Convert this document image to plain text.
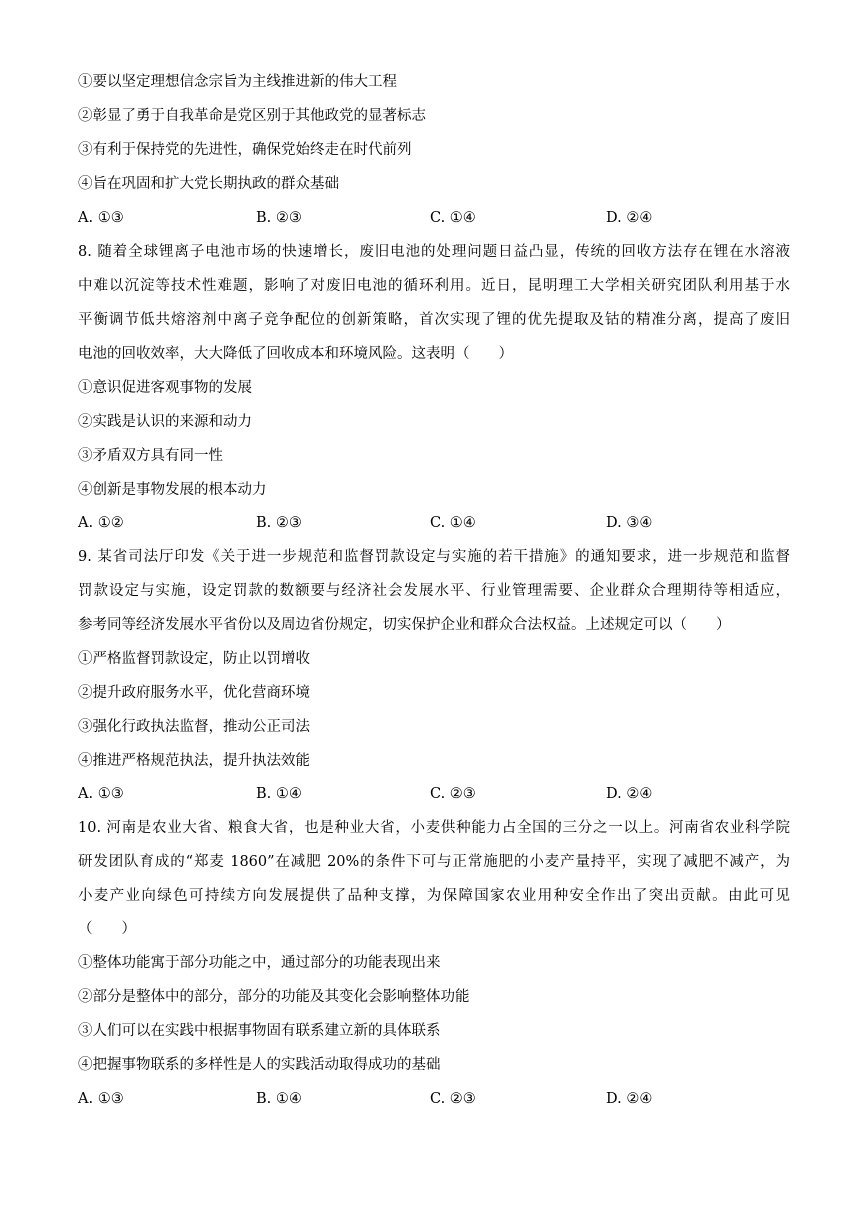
①要以坚定理想信念宗旨为主线推进新的伟大工程
②彰显了勇于自我革命是党区别于其他政党的显著标志
③有利于保持党的先进性，确保党始终走在时代前列
④旨在巩固和扩大党长期执政的群众基础
A. ①③	B. ②③	C. ①④	D. ②④
8. 随着全球锂离子电池市场的快速增长，废旧电池的处理问题日益凸显，传统的回收方法存在锂在水溶液
中难以沉淀等技术性难题，影响了对废旧电池的循环利用。近日，昆明理工大学相关研究团队利用基于水
平衡调节低共熔溶剂中离子竞争配位的创新策略，首次实现了锂的优先提取及钴的精准分离，提高了废旧
电池的回收效率，大大降低了回收成本和环境风险。这表明（　　）
①意识促进客观事物的发展
②实践是认识的来源和动力
③矛盾双方具有同一性
④创新是事物发展的根本动力
A. ①②	B. ②③	C. ①④	D. ③④
9. 某省司法厅印发《关于进一步规范和监督罚款设定与实施的若干措施》的通知要求，进一步规范和监督
罚款设定与实施，设定罚款的数额要与经济社会发展水平、行业管理需要、企业群众合理期待等相适应，
参考同等经济发展水平省份以及周边省份规定，切实保护企业和群众合法权益。上述规定可以（　　）
①严格监督罚款设定，防止以罚增收
②提升政府服务水平，优化营商环境
③强化行政执法监督，推动公正司法
④推进严格规范执法，提升执法效能
A. ①③	B. ①④	C. ②③	D. ②④
10. 河南是农业大省、粮食大省，也是种业大省，小麦供种能力占全国的三分之一以上。河南省农业科学院
研发团队育成的“郑麦 1860”在减肥 20%的条件下可与正常施肥的小麦产量持平，实现了减肥不减产，为
小麦产业向绿色可持续方向发展提供了品种支撑，为保障国家农业用种安全作出了突出贡献。由此可见
（　　）
①整体功能寓于部分功能之中，通过部分的功能表现出来
②部分是整体中的部分，部分的功能及其变化会影响整体功能
③人们可以在实践中根据事物固有联系建立新的具体联系
④把握事物联系的多样性是人的实践活动取得成功的基础
A. ①③	B. ①④	C. ②③	D. ②④
